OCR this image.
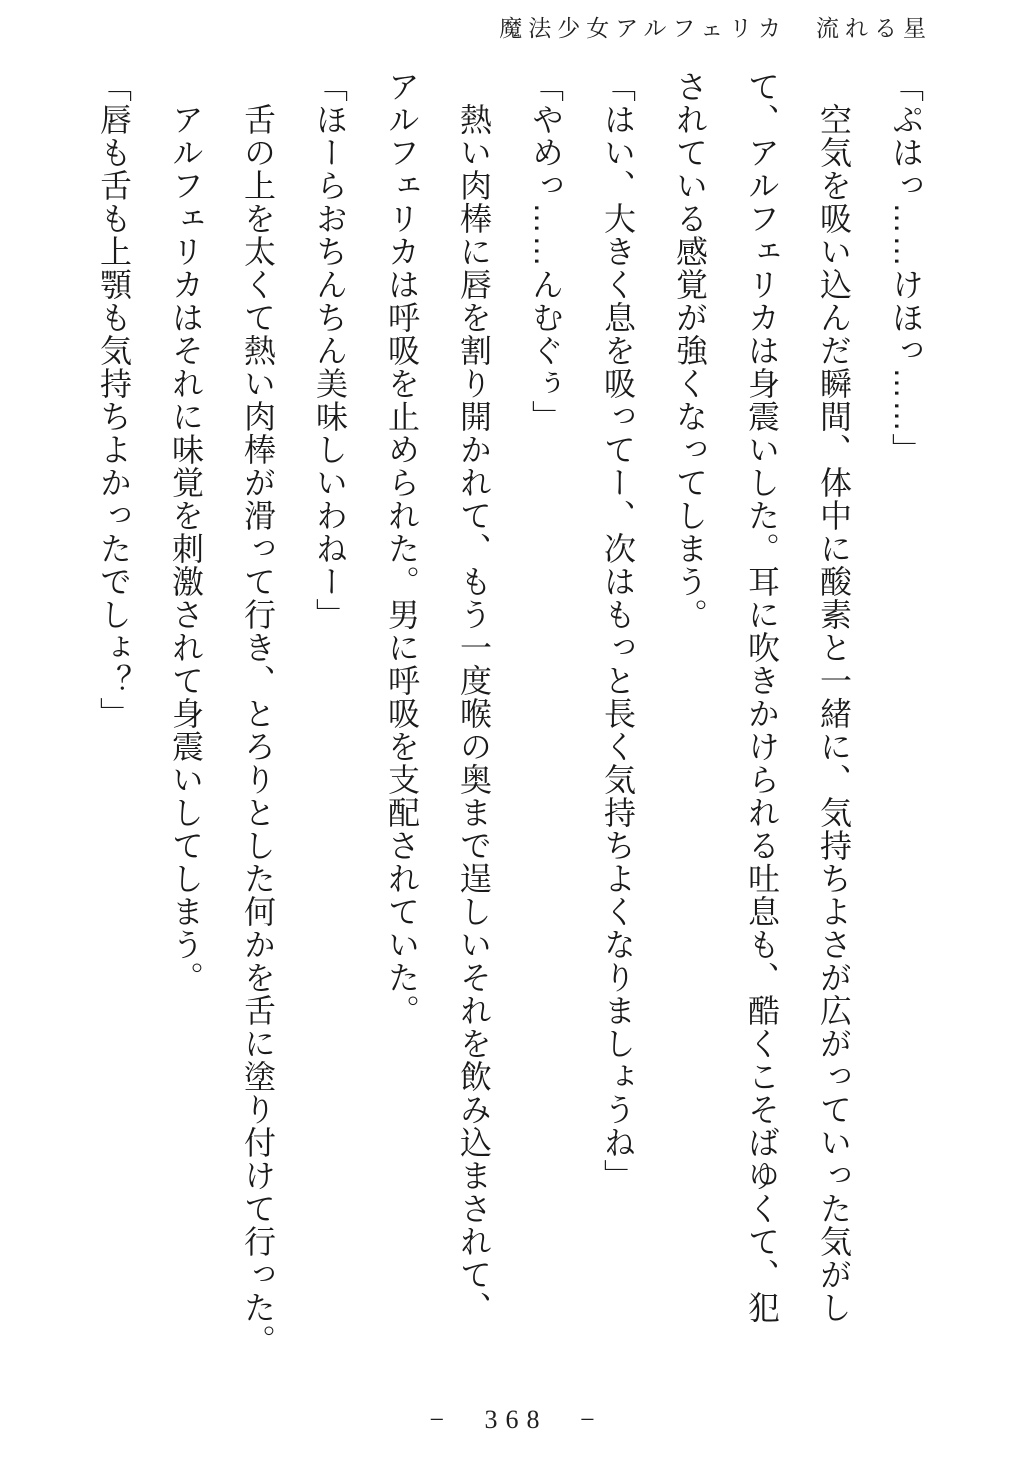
魔法少女アルフェリカ　流れる星
「ぷはっ……けほっ……」
　空気を吸い込んだ瞬間、体中に酸素と一緒に、気持ちよさが広がっていった気がし
て、アルフェリカは身震いした。耳に吹きかけられる吐息も、酷くこそばゆくて、犯
されている感覚が強くなってしまう。
「はい、大きく息を吸ってー、次はもっと長く気持ちよくなりましょうね」
「やめっ……んむぐぅ」
　熱い肉棒に唇を割り開かれて、もう一度喉の奥まで逞しいそれを飲み込まされて、
アルフェリカは呼吸を止められた。男に呼吸を支配されていた。
「ほーらおちんちん美味しいわねー」
　舌の上を太くて熱い肉棒が滑って行き、とろりとした何かを舌に塗り付けて行った。
　アルフェリカはそれに味覚を刺激されて身震いしてしまう。
「唇も舌も上顎も気持ちよかったでしょ？」
− 368 −
